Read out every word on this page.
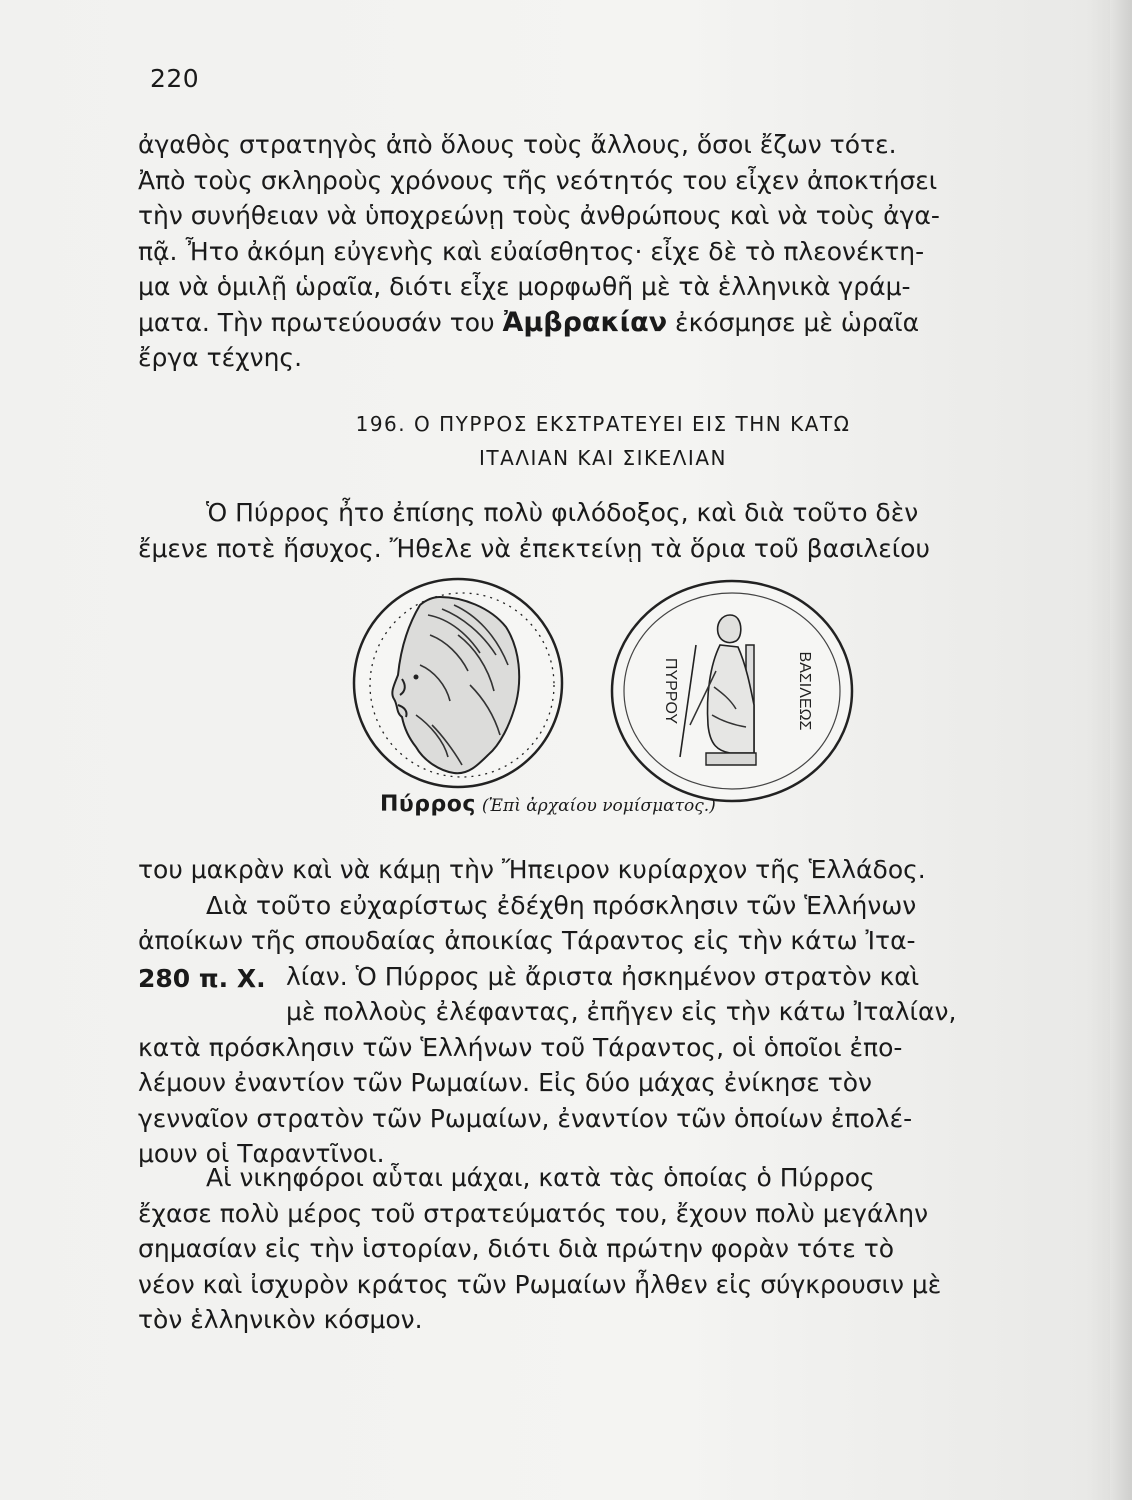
220
ἀγαθὸς στρατηγὸς ἀπὸ ὅλους τοὺς ἄλλους, ὅσοι ἔζων τότε.
Ἀπὸ τοὺς σκληροὺς χρόνους τῆς νεότητός του εἶχεν ἀποκτήσει
τὴν συνήθειαν νὰ ὑποχρεώνῃ τοὺς ἀνθρώπους καὶ νὰ τοὺς ἀγα-
πᾷ. Ἦτο ἀκόμη εὐγενὴς καὶ εὐαίσθητος· εἶχε δὲ τὸ πλεονέκτη-
μα νὰ ὁμιλῇ ὡραῖα, διότι εἶχε μορφωθῆ μὲ τὰ ἑλληνικὰ γράμ-
ματα. Τὴν πρωτεύουσάν του Ἀμβρακίαν ἐκόσμησε μὲ ὡραῖα
ἔργα τέχνης.
196. Ο ΠΥΡΡΟΣ ΕΚΣΤΡΑΤΕΥΕΙ ΕΙΣ ΤΗΝ ΚΑΤΩ
ΙΤΑΛΙΑΝ ΚΑΙ ΣΙΚΕΛΙΑΝ
Ὁ Πύρρος ἦτο ἐπίσης πολὺ φιλόδοξος, καὶ διὰ τοῦτο δὲν
ἔμενε ποτὲ ἥσυχος. Ἤθελε νὰ ἐπεκτείνῃ τὰ ὅρια τοῦ βασιλείου
ΠΥΡΡΟΥ	ΒΑΣΙΛΕΩΣ
Πύρρος (Ἐπὶ ἀρχαίου νομίσματος.)
του μακρὰν καὶ νὰ κάμῃ τὴν Ἤπειρον κυρίαρχον τῆς Ἑλλάδος.
Διὰ τοῦτο εὐχαρίστως ἐδέχθη πρόσκλησιν τῶν Ἑλλήνων
ἀποίκων τῆς σπουδαίας ἀποικίας Τάραντος εἰς τὴν κάτω Ἰτα-
λίαν. Ὁ Πύρρος μὲ ἄριστα ἠσκημένον στρατὸν καὶ
μὲ πολλοὺς ἐλέφαντας, ἐπῆγεν εἰς τὴν κάτω Ἰταλίαν,
κατὰ πρόσκλησιν τῶν Ἑλλήνων τοῦ Τάραντος, οἱ ὁποῖοι ἐπο-
λέμουν ἐναντίον τῶν Ρωμαίων. Εἰς δύο μάχας ἐνίκησε τὸν
γενναῖον στρατὸν τῶν Ρωμαίων, ἐναντίον τῶν ὁποίων ἐπολέ-
μουν οἱ Ταραντῖνοι.
280 π. Χ.
Αἱ νικηφόροι αὗται μάχαι, κατὰ τὰς ὁποίας ὁ Πύρρος
ἔχασε πολὺ μέρος τοῦ στρατεύματός του, ἔχουν πολὺ μεγάλην
σημασίαν εἰς τὴν ἱστορίαν, διότι διὰ πρώτην φορὰν τότε τὸ
νέον καὶ ἰσχυρὸν κράτος τῶν Ρωμαίων ἦλθεν εἰς σύγκρουσιν μὲ
τὸν ἑλληνικὸν κόσμον.
